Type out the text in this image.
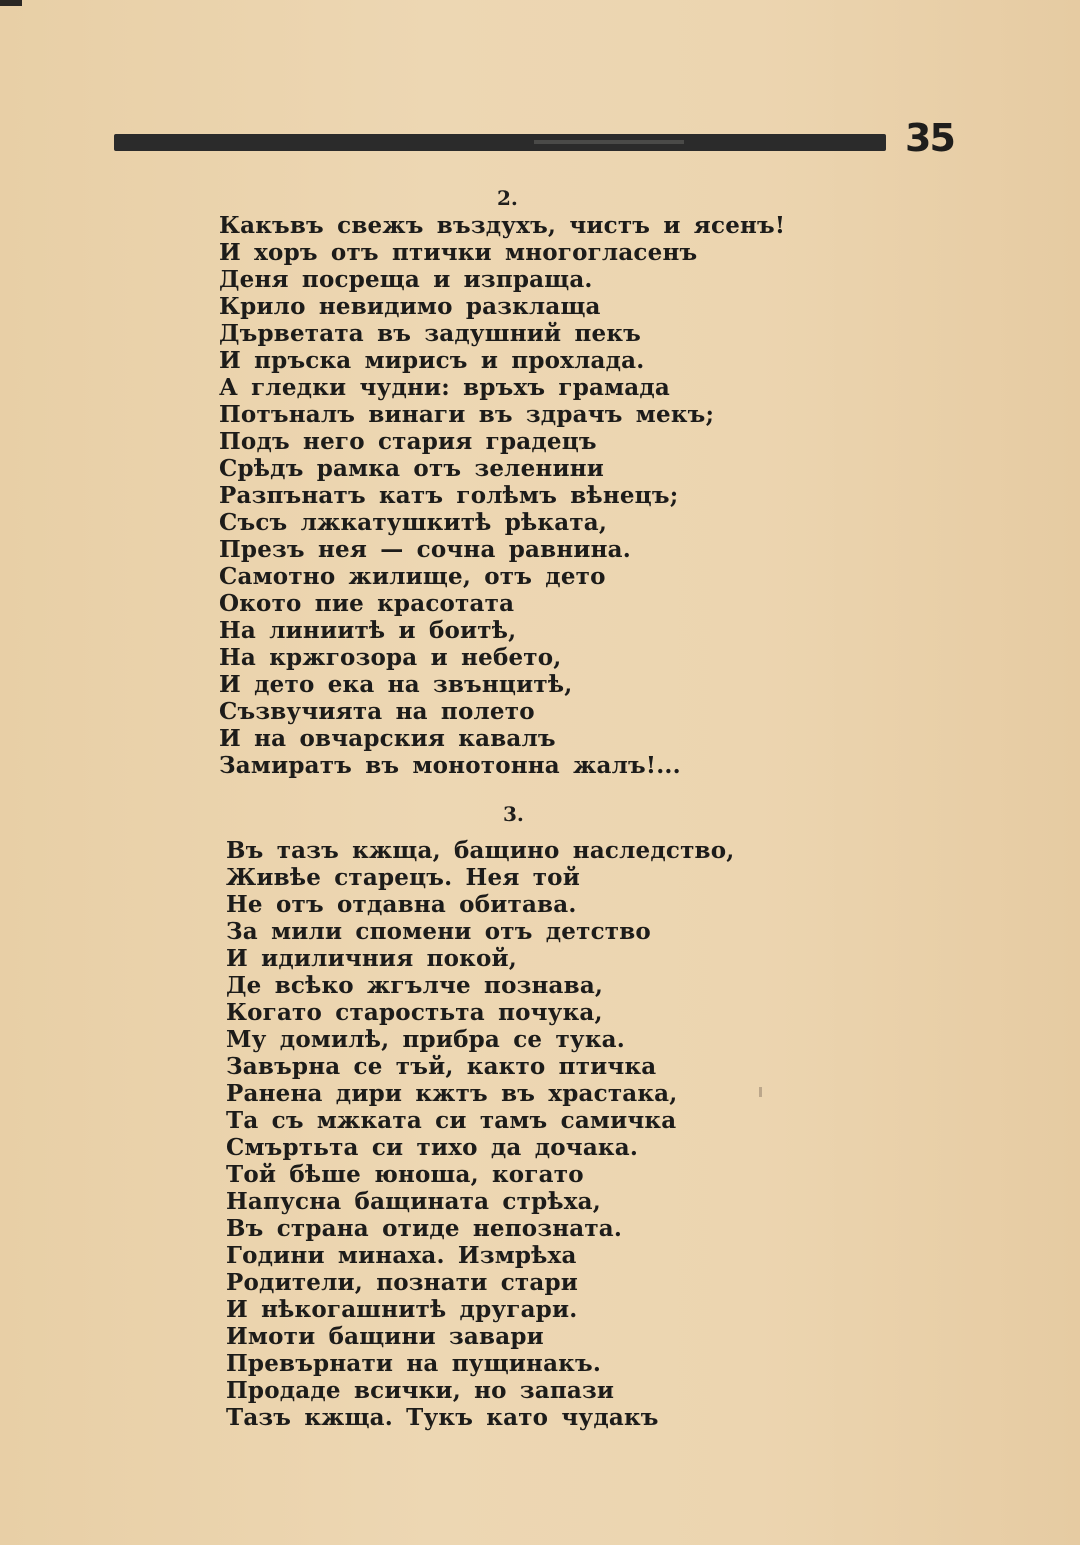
35
2.
Какъвъ свежъ въздухъ, чистъ и ясенъ!
И хоръ отъ птички многогласенъ
Деня посреща и изпраща.
Крило невидимо разклаща
Дърветата въ задушний пекъ
И пръска мирисъ и прохлада.
А гледки чудни: връхъ грамада
Потъналъ винаги въ здрачъ мекъ;
Подъ него стария градецъ
Срѣдъ рамка отъ зеленини
Разпънатъ катъ голѣмъ вѣнецъ;
Съсъ лжкатушкитѣ рѣката,
Презъ нея — сочна равнина.
Самотно жилище, отъ дето
Окото пие красотата
На линиитѣ и боитѣ,
На кржгозора и небето,
И дето ека на звънцитѣ,
Съзвучията на полето
И на овчарския кавалъ
Замиратъ въ монотонна жалъ!...
3.
Въ тазъ кжща, бащино наследство,
Живѣе старецъ. Нея той
Не отъ отдавна обитава.
За мили спомени отъ детство
И идиличния покой,
Де всѣко жгълче познава,
Когато старостьта почука,
Му домилѣ, прибра се тука.
Завърна се тъй, както птичка
Ранена дири кжтъ въ храстака,
Та съ мжката си тамъ самичка
Смъртьта си тихо да дочака.
Той бѣше юноша, когато
Напусна бащината стрѣха,
Въ страна отиде непозната.
Години минаха. Измрѣха
Родители, познати стари
И нѣкогашнитѣ другари.
Имоти бащини завари
Превърнати на пущинакъ.
Продаде всички, но запази
Тазъ кжща. Тукъ като чудакъ
